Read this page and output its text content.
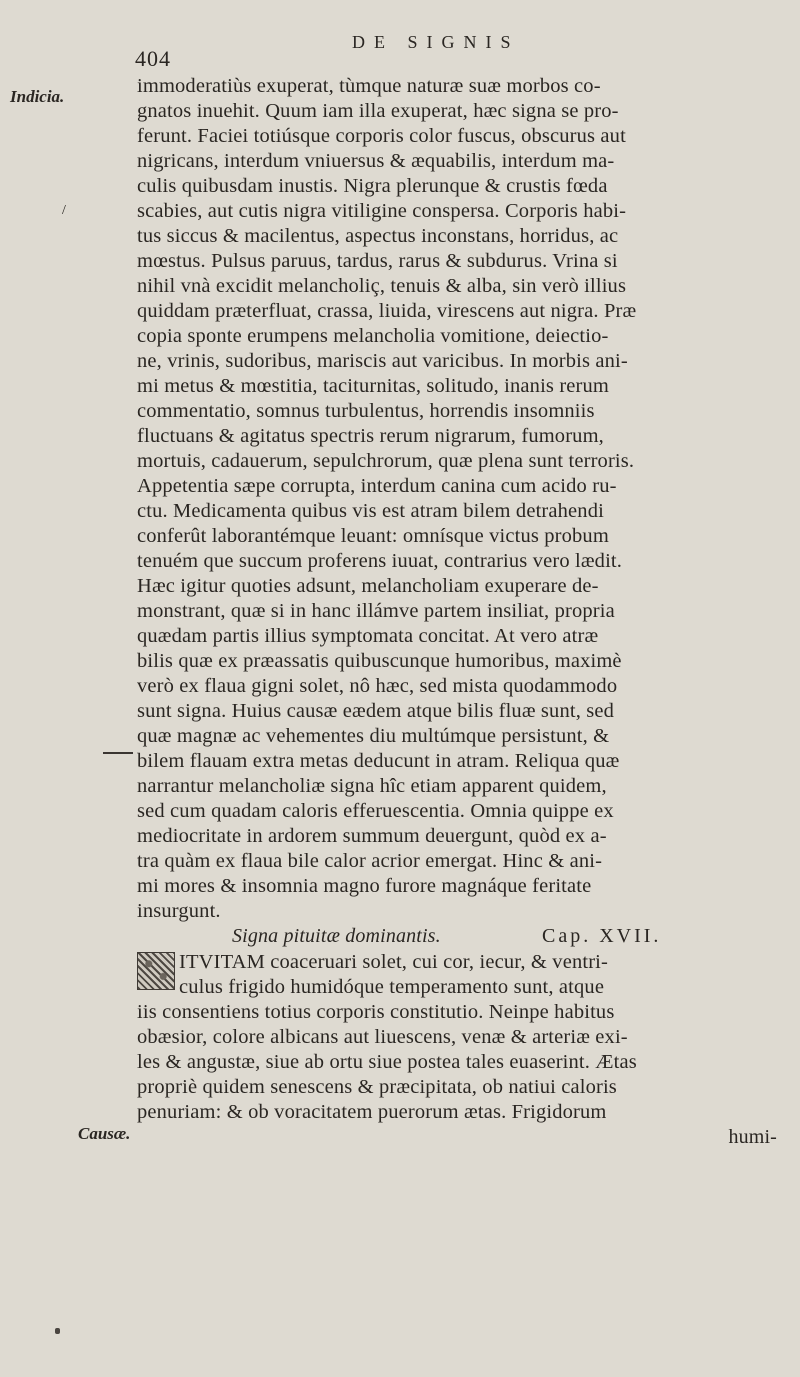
404
DE SIGNIS
Indicia.
/
Causæ.
immoderatiùs exuperat, tùmque naturæ suæ morbos co-
gnatos inuehit. Quum iam illa exuperat, hæc signa se pro-
ferunt. Faciei totiúsque corporis color fuscus, obscurus aut
nigricans, interdum vniuersus & æquabilis, interdum ma-
culis quibusdam inustis. Nigra plerunque & crustis fœda
scabies, aut cutis nigra vitiligine conspersa. Corporis habi-
tus siccus & macilentus, aspectus inconstans, horridus, ac
mœstus. Pulsus paruus, tardus, rarus & subdurus. Vrina si
nihil vnà excidit melancholiç, tenuis & alba, sin verò illius
quiddam præterfluat, crassa, liuida, virescens aut nigra. Præ
copia sponte erumpens melancholia vomitione, deiectio-
ne, vrinis, sudoribus, mariscis aut varicibus. In morbis ani-
mi metus & mœstitia, taciturnitas, solitudo, inanis rerum
commentatio, somnus turbulentus, horrendis insomniis
fluctuans & agitatus spectris rerum nigrarum, fumorum,
mortuis, cadauerum, sepulchrorum, quæ plena sunt terroris.
Appetentia sæpe corrupta, interdum canina cum acido ru-
ctu. Medicamenta quibus vis est atram bilem detrahendi
conferût laborantémque leuant: omnísque victus probum
tenuém que succum proferens iuuat, contrarius vero lædit.
Hæc igitur quoties adsunt, melancholiam exuperare de-
monstrant, quæ si in hanc illámve partem insiliat, propria
quædam partis illius symptomata concitat. At vero atræ
bilis quæ ex præassatis quibuscunque humoribus, maximè
verò ex flaua gigni solet, nô hæc, sed mista quodammodo
sunt signa. Huius causæ eædem atque bilis fluæ sunt, sed
quæ magnæ ac vehementes diu multúmque persistunt, &
bilem flauam extra metas deducunt in atram. Reliqua quæ
narrantur melancholiæ signa hîc etiam apparent quidem,
sed cum quadam caloris efferuescentia. Omnia quippe ex
mediocritate in ardorem summum deuergunt, quòd ex a-
tra quàm ex flaua bile calor acrior emergat. Hinc & ani-
mi mores & insomnia magno furore magnáque feritate
insurgunt.
Signa pituitæ dominantis.	Cap. XVII.
ITVITAM coaceruari solet, cui cor, iecur, & ventri-
culus frigido humidóque temperamento sunt, atque
iis consentiens totius corporis constitutio. Neinpe habitus
obæsior, colore albicans aut liuescens, venæ & arteriæ exi-
les & angustæ, siue ab ortu siue postea tales euaserint. Ætas
propriè quidem senescens & præcipitata, ob natiui caloris
penuriam: & ob voracitatem puerorum ætas. Frigidorum
humi-
